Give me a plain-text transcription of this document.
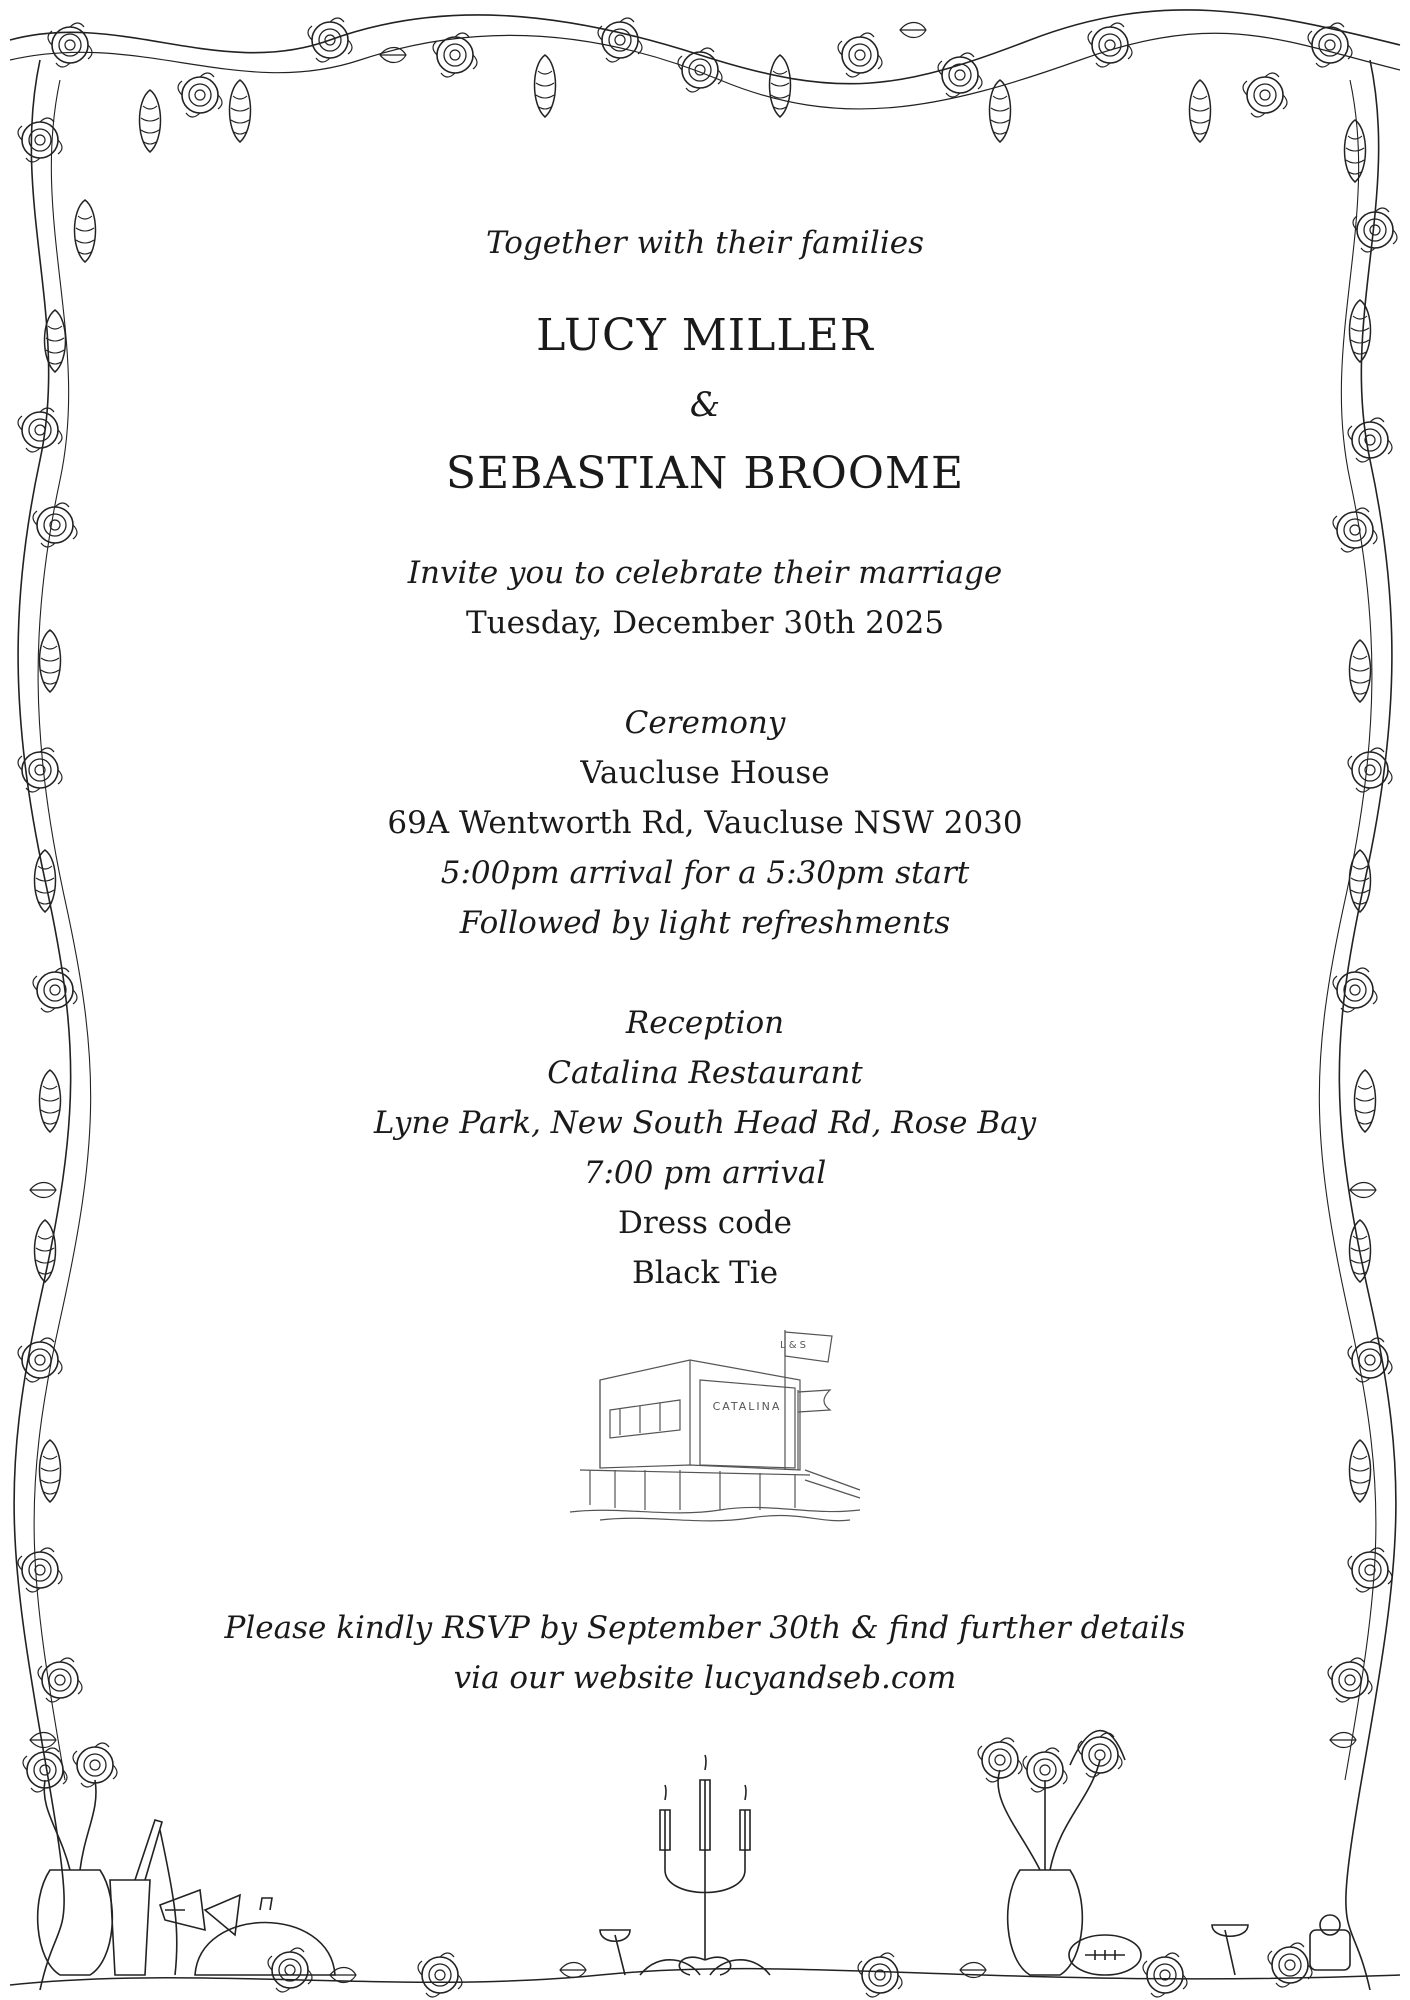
Together with their families
LUCY MILLER
&
SEBASTIAN BROOME
Invite you to celebrate their marriage
Tuesday, December 30th 2025
Ceremony
Vaucluse House
69A Wentworth Rd, Vaucluse NSW 2030
5:00pm arrival for a 5:30pm start
Followed by light refreshments
Reception
Catalina Restaurant
Lyne Park, New South Head Rd, Rose Bay
7:00 pm arrival
Dress code
Black Tie
Please kindly RSVP by September 30th & find further details
via our website lucyandseb.com
L & S
CATALINA
